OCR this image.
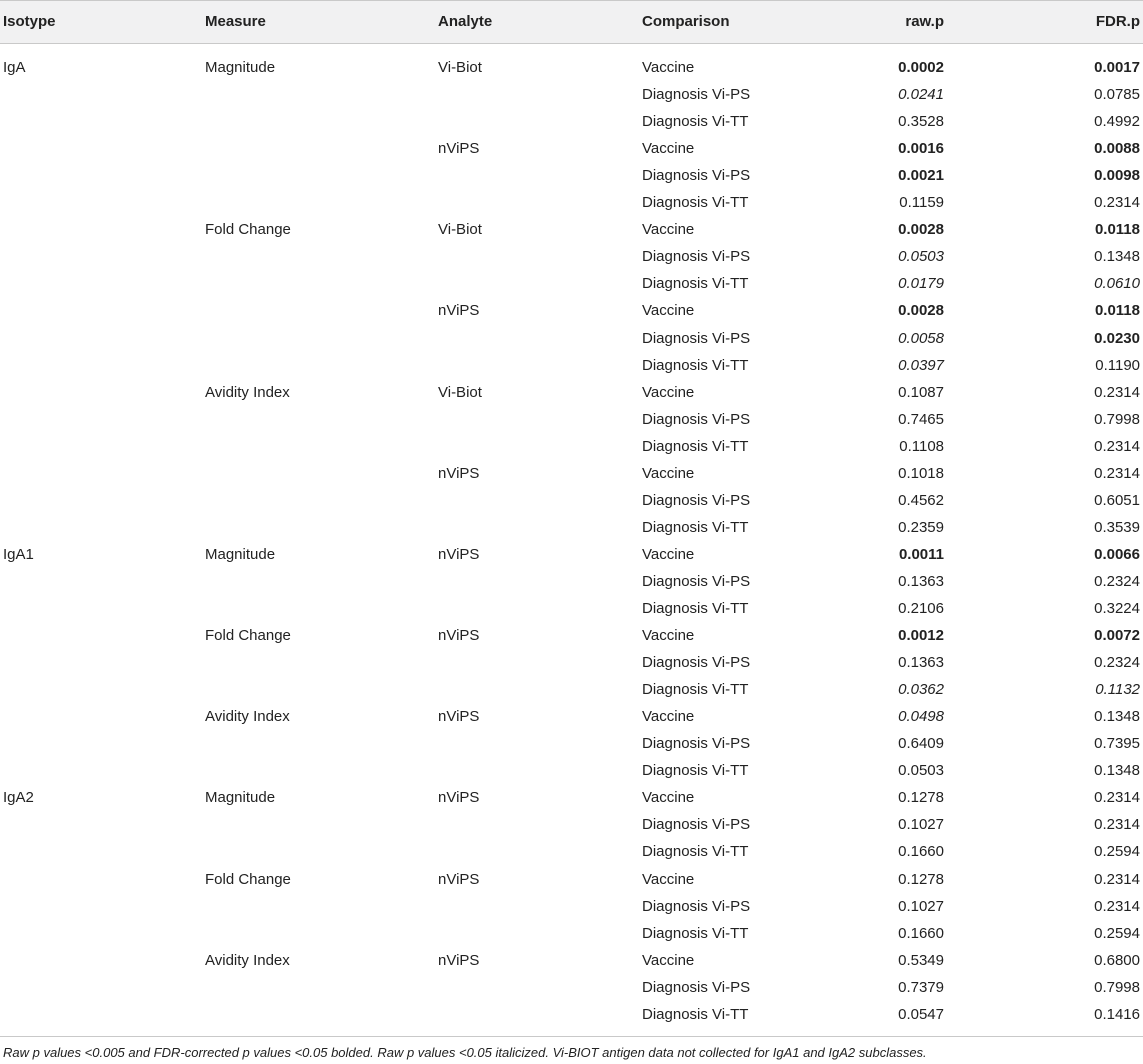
Isotype	Measure	Analyte	Comparison	raw.p	FDR.p
IgA	Magnitude	Vi-Biot	Vaccine	0.0002	0.0017
Diagnosis Vi-PS	0.0241	0.0785
Diagnosis Vi-TT	0.3528	0.4992
nViPS	Vaccine	0.0016	0.0088
Diagnosis Vi-PS	0.0021	0.0098
Diagnosis Vi-TT	0.1159	0.2314
Fold Change	Vi-Biot	Vaccine	0.0028	0.0118
Diagnosis Vi-PS	0.0503	0.1348
Diagnosis Vi-TT	0.0179	0.0610
nViPS	Vaccine	0.0028	0.0118
Diagnosis Vi-PS	0.0058	0.0230
Diagnosis Vi-TT	0.0397	0.1190
Avidity Index	Vi-Biot	Vaccine	0.1087	0.2314
Diagnosis Vi-PS	0.7465	0.7998
Diagnosis Vi-TT	0.1108	0.2314
nViPS	Vaccine	0.1018	0.2314
Diagnosis Vi-PS	0.4562	0.6051
Diagnosis Vi-TT	0.2359	0.3539
IgA1	Magnitude	nViPS	Vaccine	0.0011	0.0066
Diagnosis Vi-PS	0.1363	0.2324
Diagnosis Vi-TT	0.2106	0.3224
Fold Change	nViPS	Vaccine	0.0012	0.0072
Diagnosis Vi-PS	0.1363	0.2324
Diagnosis Vi-TT	0.0362	0.1132
Avidity Index	nViPS	Vaccine	0.0498	0.1348
Diagnosis Vi-PS	0.6409	0.7395
Diagnosis Vi-TT	0.0503	0.1348
IgA2	Magnitude	nViPS	Vaccine	0.1278	0.2314
Diagnosis Vi-PS	0.1027	0.2314
Diagnosis Vi-TT	0.1660	0.2594
Fold Change	nViPS	Vaccine	0.1278	0.2314
Diagnosis Vi-PS	0.1027	0.2314
Diagnosis Vi-TT	0.1660	0.2594
Avidity Index	nViPS	Vaccine	0.5349	0.6800
Diagnosis Vi-PS	0.7379	0.7998
Diagnosis Vi-TT	0.0547	0.1416
Raw p values <0.005 and FDR-corrected p values <0.05 bolded. Raw p values <0.05 italicized. Vi-BIOT antigen data not collected for IgA1 and IgA2 subclasses.
